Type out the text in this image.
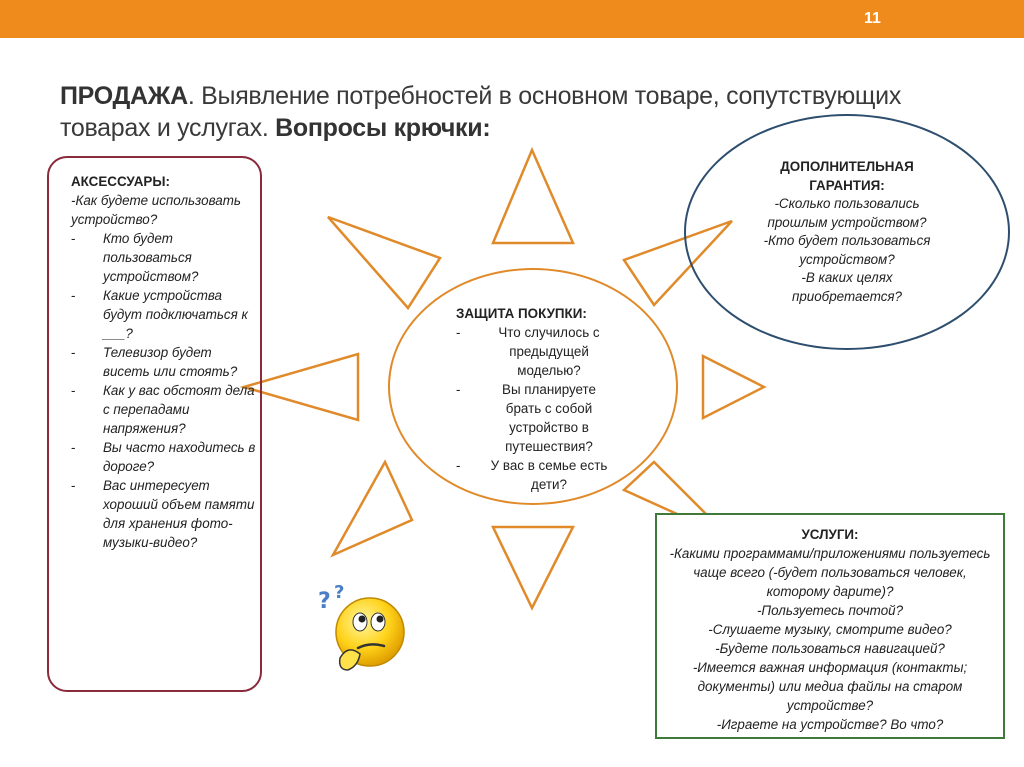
11
ПРОДАЖА. Выявление потребностей в основном товаре, сопутствующих товарах и услугах. Вопросы крючки:
АКСЕССУАРЫ:
-Как будете использовать устройство?
- Кто будет пользоваться устройством?
- Какие устройства будут подключаться к ___?
- Телевизор будет висеть или стоять?
- Как у вас обстоят дела с перепадами напряжения?
- Вы часто находитесь в дороге?
- Вас интересует хороший объем памяти для хранения фото-музыки-видео?
ДОПОЛНИТЕЛЬНАЯ ГАРАНТИЯ:
-Сколько пользовались прошлым устройством?
-Кто будет пользоваться устройством?
-В каких целях приобретается?
ЗАЩИТА ПОКУПКИ:
-	Что случилось с предыдущей моделью?
-	Вы планируете брать с собой устройство в путешествия?
- У вас в семье есть дети?
УСЛУГИ:
-Какими программами/приложениями пользуетесь чаще всего (-будет пользоваться человек, которому дарите)?
-Пользуетесь почтой?
-Слушаете музыку, смотрите видео?
-Будете пользоваться навигацией?
-Имеется важная информация (контакты; документы) или медиа файлы на старом устройстве?
-Играете на устройстве? Во что?
? ?
